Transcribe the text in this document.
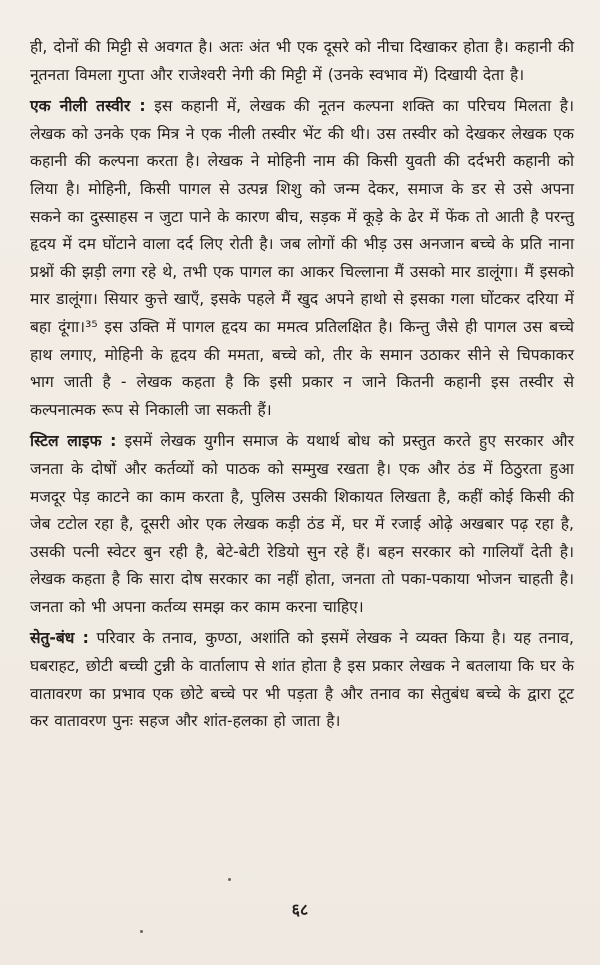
ही, दोनों की मिट्टी से अवगत है। अतः अंत भी एक दूसरे को नीचा दिखाकर होता है। कहानी की नूतनता विमला गुप्ता और राजेश्वरी नेगी की मिट्टी में (उनके स्वभाव में) दिखायी देता है।

एक नीली तस्वीर : इस कहानी में, लेखक की नूतन कल्पना शक्ति का परिचय मिलता है। लेखक को उनके एक मित्र ने एक नीली तस्वीर भेंट की थी। उस तस्वीर को देखकर लेखक एक कहानी की कल्पना करता है। लेखक ने मोहिनी नाम की किसी युवती की दर्दभरी कहानी को लिया है। मोहिनी, किसी पागल से उत्पन्न शिशु को जन्म देकर, समाज के डर से उसे अपना सकने का दुस्साहस न जुटा पाने के कारण बीच, सड़क में कूड़े के ढेर में फेंक तो आती है परन्तु हृदय में दम घोंटाने वाला दर्द लिए रोती है। जब लोगों की भीड़ उस अनजान बच्चे के प्रति नाना प्रश्नों की झड़ी लगा रहे थे, तभी एक पागल का आकर चिल्लाना मैं उसको मार डालूंगा। मैं इसको मार डालूंगा। सियार कुत्ते खाएँ, इसके पहले मैं खुद अपने हाथो से इसका गला घोंटकर दरिया में बहा दूंगा।³⁵ इस उक्ति में पागल हृदय का ममत्व प्रतिलक्षित है। किन्तु जैसे ही पागल उस बच्चे हाथ लगाए, मोहिनी के हृदय की ममता, बच्चे को, तीर के समान उठाकर सीने से चिपकाकर भाग जाती है - लेखक कहता है कि इसी प्रकार न जाने कितनी कहानी इस तस्वीर से कल्पनात्मक रूप से निकाली जा सकती हैं।

स्टिल लाइफ : इसमें लेखक युगीन समाज के यथार्थ बोध को प्रस्तुत करते हुए सरकार और जनता के दोषों और कर्तव्यों को पाठक को सम्मुख रखता है। एक और ठंड में ठिठुरता हुआ मजदूर पेड़ काटने का काम करता है, पुलिस उसकी शिकायत लिखता है, कहीं कोई किसी की जेब टटोल रहा है, दूसरी ओर एक लेखक कड़ी ठंड में, घर में रजाई ओढ़े अखबार पढ़ रहा है, उसकी पत्नी स्वेटर बुन रही है, बेटे-बेटी रेडियो सुन रहे हैं। बहन सरकार को गालियाँ देती है। लेखक कहता है कि सारा दोष सरकार का नहीं होता, जनता तो पका-पकाया भोजन चाहती है। जनता को भी अपना कर्तव्य समझ कर काम करना चाहिए।

सेतु-बंध : परिवार के तनाव, कुण्ठा, अशांति को इसमें लेखक ने व्यक्त किया है। यह तनाव, घबराहट, छोटी बच्ची टुन्नी के वार्तालाप से शांत होता है इस प्रकार लेखक ने बतलाया कि घर के वातावरण का प्रभाव एक छोटे बच्चे पर भी पड़ता है और तनाव का सेतुबंध बच्चे के द्वारा टूट कर वातावरण पुनः सहज और शांत-हलका हो जाता है।

६८
